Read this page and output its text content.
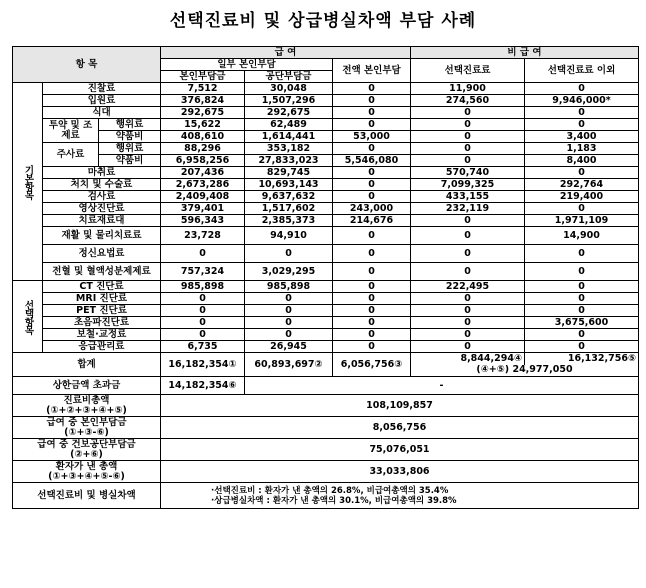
선택진료비 및 상급병실차액 부담 사례
항 목			급 여			비 급 여	
			일부 본인부담		전액 본인부담	선택진료료	선택진료료 이외
			본인부담금	공단부담금			
기본항목	진찰료		7,512	30,048	0	11,900	0
	입원료		376,824	1,507,296	0	274,560	9,946,000*
	식대		292,675	292,675	0	0	0
	투약 및 조제료	행위료	15,622	62,489	0	0	0
		약품비	408,610	1,614,441	53,000	0	3,400
	주사료	행위료	88,296	353,182	0	0	1,183
		약품비	6,958,256	27,833,023	5,546,080	0	8,400
	마취료		207,436	829,745	0	570,740	0
	처치 및 수술료		2,673,286	10,693,143	0	7,099,325	292,764
	검사료		2,409,408	9,637,632	0	433,155	219,400
	영상진단료		379,401	1,517,602	243,000	232,119	0
	치료재료대		596,343	2,385,373	214,676	0	1,971,109
	재활 및 물리치료료		23,728	94,910	0	0	14,900
	정신요법료		0	0	0	0	0
	전혈 및 혈액성분제제료		757,324	3,029,295	0	0	0
선택항목	CT 진단료		985,898	985,898	0	222,495	0
	MRI 진단료		0	0	0	0	0
	PET 진단료		0	0	0	0	0
	초음파진단료		0	0	0	0	3,675,600
	보철·교정료		0	0	0	0	0
	응급관리료		6,735	26,945	0	0	0
합계			16,182,354①	60,893,697②	6,056,756③	8,844,294④	16,132,756⑤
						(④+⑤) 24,977,050	
상한금액 초과금			14,182,354⑥	-			

진료비총액
(①+②+③+④+⑤)			108,109,857				

급여 중 본인부담금
(①+③-⑥)			8,056,756				

급여 중 건보공단부담금
(②+⑥)			75,076,051				

환자가 낸 총액
(①+③+④+⑤-⑥)			33,033,806				
선택진료비 및 병실차액			·선택진료비 : 환자가 낸 총액의 26.8%, 비급여총액의 35.4%
·상급병실차액 : 환자가 낸 총액의 30.1%, 비급여총액의 39.8%				
